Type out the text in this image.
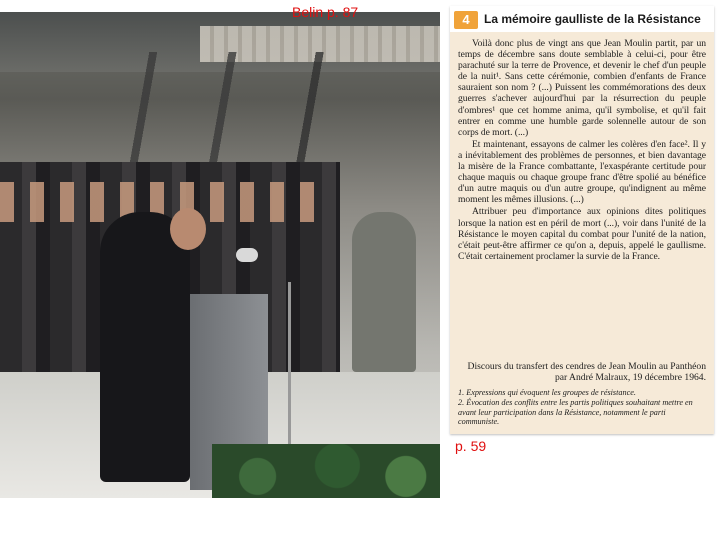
Belin p. 87	4	La mémoire gaulliste de la Résistance

Voilà donc plus de vingt ans que Jean Moulin partit, par un temps de décembre sans doute semblable à celui-ci, pour être parachuté sur la terre de Provence, et devenir le chef d'un peuple de la nuit¹. Sans cette cérémonie, combien d'enfants de France sauraient son nom ? (...) Puissent les commémorations des deux guerres s'achever aujourd'hui par la résurrection du peuple d'ombres¹ que cet homme anima, qu'il symbolise, et qu'il fait entrer en comme une humble garde solennelle autour de son corps de mort. (...)

Et maintenant, essayons de calmer les colères d'en face². Il y a inévitablement des problèmes de personnes, et bien davantage la misère de la France combattante, l'exaspérante certitude pour chaque maquis ou chaque groupe franc d'être spolié au bénéfice d'un autre maquis ou d'un autre groupe, qu'indignent au même moment les mêmes illusions. (...)

Attribuer peu d'importance aux opinions dites politiques lorsque la nation est en péril de mort (...), voir dans l'unité de la Résistance le moyen capital du combat pour l'unité de la nation, c'était peut-être affirmer ce qu'on a, depuis, appelé le gaullisme. C'était certainement proclamer la survie de la France.

Discours du transfert des cendres de Jean Moulin au Panthéon par André Malraux, 19 décembre 1964.

1. Expressions qui évoquent les groupes de résistance.

2. Évocation des conflits entre les partis politiques souhaitant mettre en avant leur participation dans la Résistance, notamment le parti communiste.

p. 59
